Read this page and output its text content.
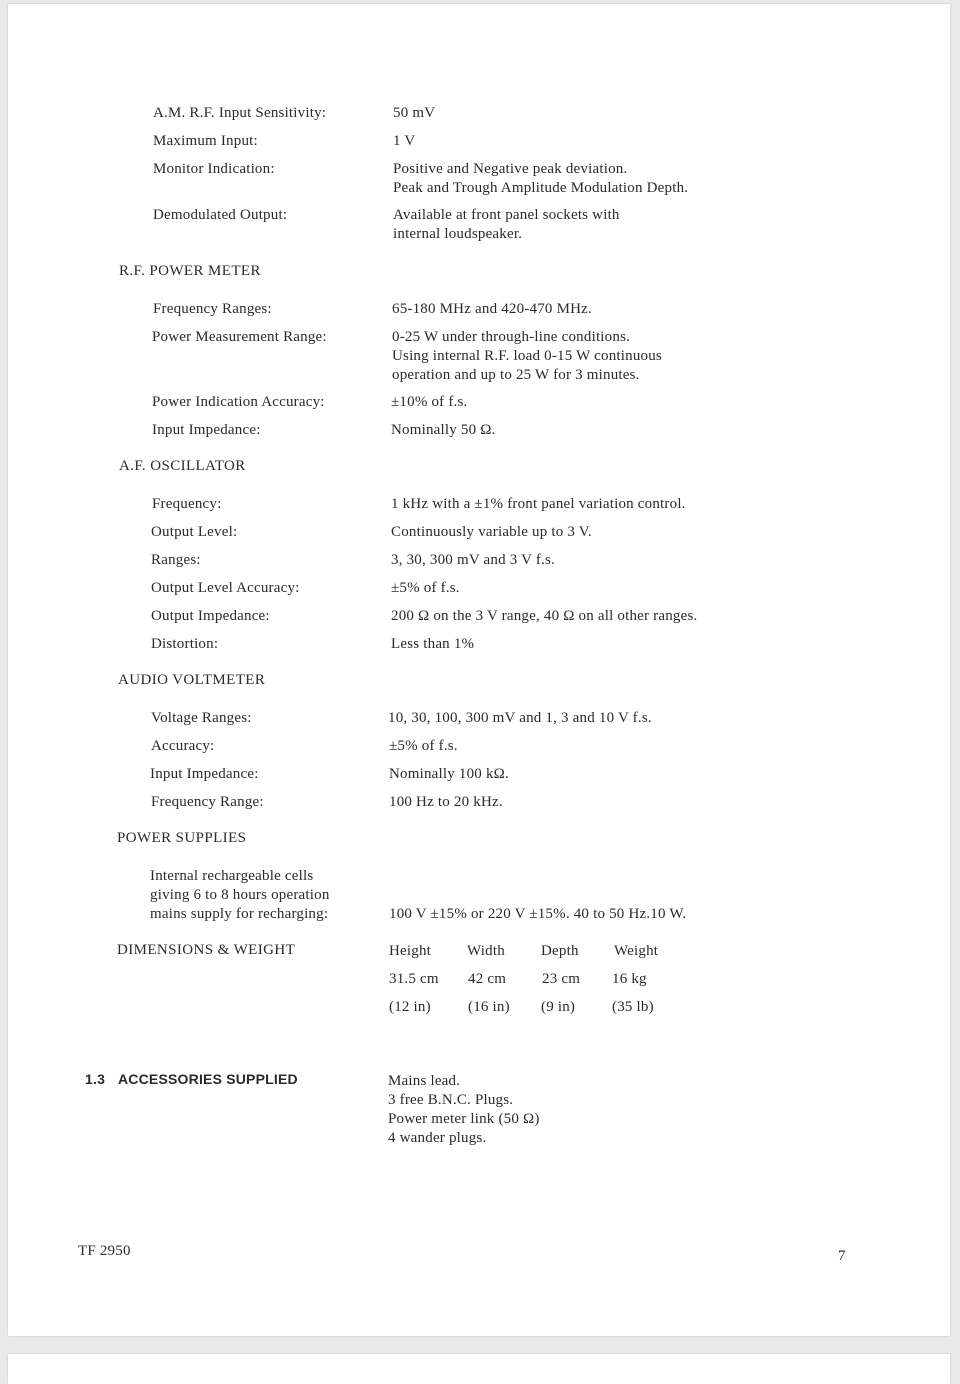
A.M. R.F. Input Sensitivity:	50 mV
Maximum Input:	1 V
Monitor Indication:	Positive and Negative peak deviation.
Peak and Trough Amplitude Modulation Depth.
Demodulated Output:	Available at front panel sockets with
internal loudspeaker.
R.F. POWER METER
Frequency Ranges:	65-180 MHz and 420-470 MHz.
Power Measurement Range:	0-25 W under through-line conditions.
Using internal R.F. load 0-15 W continuous
operation and up to 25 W for 3 minutes.
Power Indication Accuracy:	±10% of f.s.
Input Impedance:	Nominally 50 Ω.
A.F. OSCILLATOR
Frequency:	1 kHz with a ±1% front panel variation control.
Output Level:	Continuously variable up to 3 V.
Ranges:	3, 30, 300 mV and 3 V f.s.
Output Level Accuracy:	±5% of f.s.
Output Impedance:	200 Ω on the 3 V range, 40 Ω on all other ranges.
Distortion:	Less than 1%
AUDIO VOLTMETER
Voltage Ranges:	10, 30, 100, 300 mV and 1, 3 and 10 V f.s.
Accuracy:	±5% of f.s.
Input Impedance:	Nominally 100 kΩ.
Frequency Range:	100 Hz to 20 kHz.
POWER SUPPLIES
Internal rechargeable cells
giving 6 to 8 hours operation
mains supply for recharging:	100 V ±15% or 220 V ±15%. 40 to 50 Hz.10 W.
DIMENSIONS & WEIGHT	Height Width Depth Weight
31.5 cm 42 cm 23 cm 16 kg
(12 in) (16 in) (9 in) (35 lb)
1.3 ACCESSORIES SUPPLIED	Mains lead.
3 free B.N.C. Plugs.
Power meter link (50 Ω)
4 wander plugs.
TF 2950	7
